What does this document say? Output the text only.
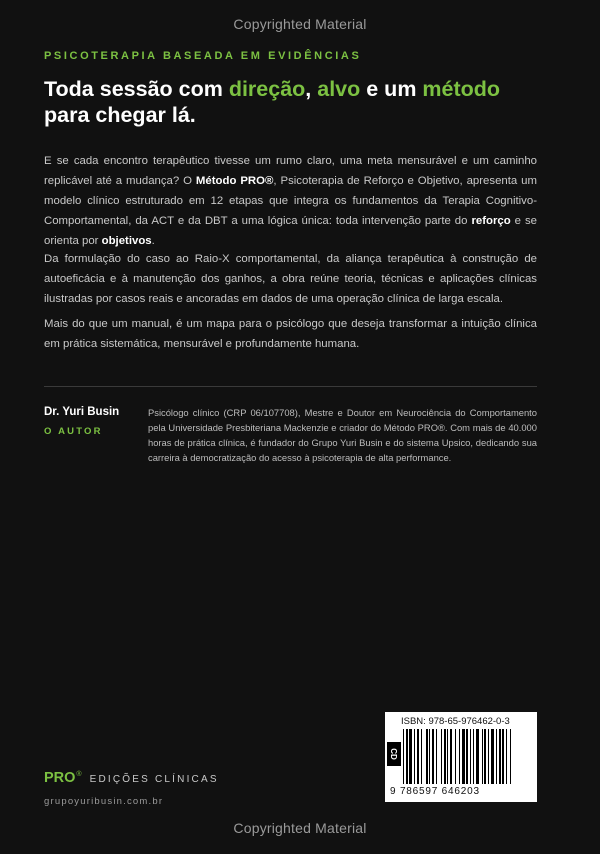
Copyrighted Material
PSICOTERAPIA BASEADA EM EVIDÊNCIAS
Toda sessão com direção, alvo e um método para chegar lá.

E se cada encontro terapêutico tivesse um rumo claro, uma meta mensurável e um caminho replicável até a mudança? O Método PRO®, Psicoterapia de Reforço e Objetivo, apresenta um modelo clínico estruturado em 12 etapas que integra os fundamentos da Terapia Cognitivo-Comportamental, da ACT e da DBT a uma lógica única: toda intervenção parte do reforço e se orienta por objetivos.

Da formulação do caso ao Raio-X comportamental, da aliança terapêutica à construção de autoeficácia e à manutenção dos ganhos, a obra reúne teoria, técnicas e aplicações clínicas ilustradas por casos reais e ancoradas em dados de uma operação clínica de larga escala.

Mais do que um manual, é um mapa para o psicólogo que deseja transformar a intuição clínica em prática sistemática, mensurável e profundamente humana.

Dr. Yuri Busin
O AUTOR

Psicólogo clínico (CRP 06/107708), Mestre e Doutor em Neurociência do Comportamento pela Universidade Presbiteriana Mackenzie e criador do Método PRO®. Com mais de 40.000 horas de prática clínica, é fundador do Grupo Yuri Busin e do sistema Upsico, dedicando sua carreira à democratização do acesso à psicoterapia de alta performance.

PRO ® EDIÇÕES CLÍNICAS
grupoyuribusin.com.br
ISBN: 978-65-976462-0-3
CD
9 786597 646203
Copyrighted Material
